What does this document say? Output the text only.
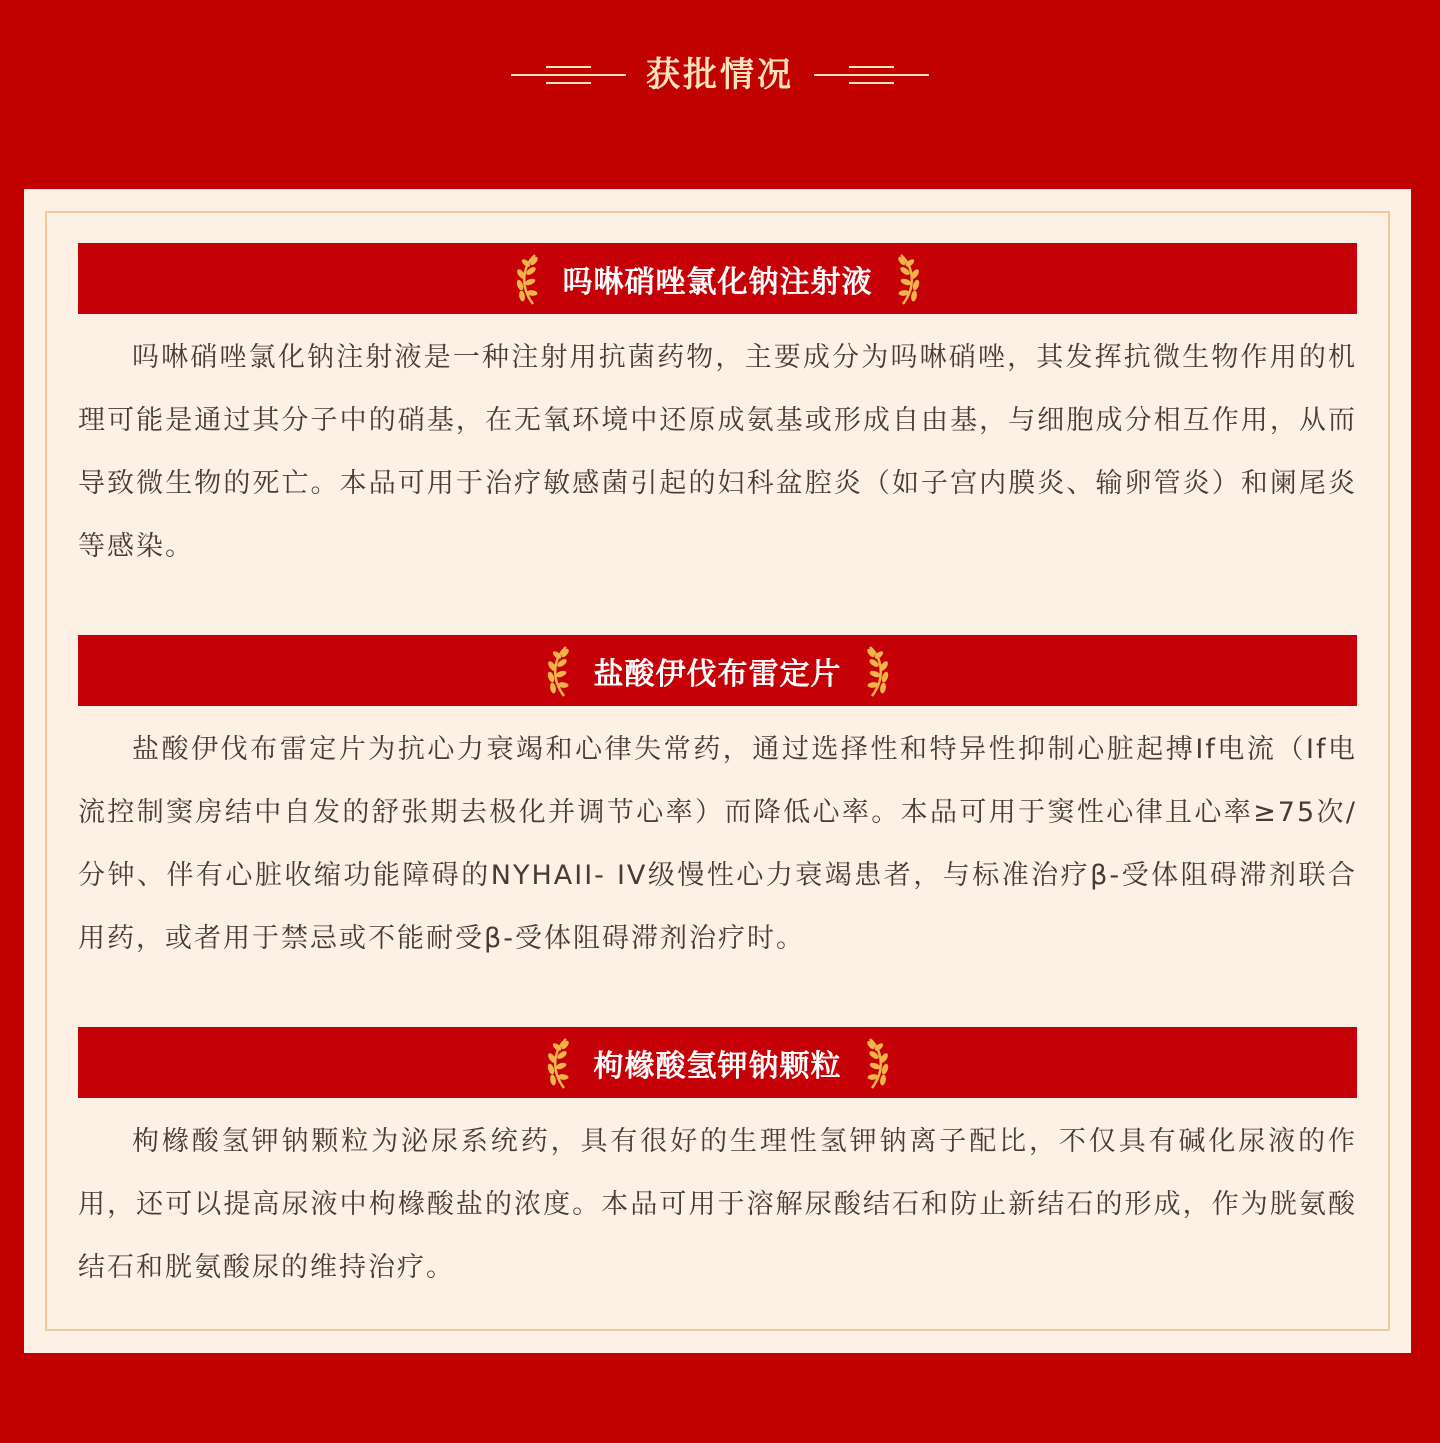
获批情况
吗啉硝唑氯化钠注射液

吗啉硝唑氯化钠注射液是一种注射用抗菌药物，主要成分为吗啉硝唑，其发挥抗微生物作用的机理可能是通过其分子中的硝基，在无氧环境中还原成氨基或形成自由基，与细胞成分相互作用，从而导致微生物的死亡。本品可用于治疗敏感菌引起的妇科盆腔炎（如子宫内膜炎、输卵管炎）和阑尾炎等感染。

盐酸伊伐布雷定片

盐酸伊伐布雷定片为抗心力衰竭和心律失常药，通过选择性和特异性抑制心脏起搏If电流（If电流控制窦房结中自发的舒张期去极化并调节心率）而降低心率。本品可用于窦性心律且心率≥75次/分钟、伴有心脏收缩功能障碍的NYHAII- IV级慢性心力衰竭患者，与标准治疗β-受体阻碍滞剂联合用药，或者用于禁忌或不能耐受β-受体阻碍滞剂治疗时。

枸橼酸氢钾钠颗粒

枸橼酸氢钾钠颗粒为泌尿系统药，具有很好的生理性氢钾钠离子配比，不仅具有碱化尿液的作用，还可以提高尿液中枸橼酸盐的浓度。本品可用于溶解尿酸结石和防止新结石的形成，作为胱氨酸结石和胱氨酸尿的维持治疗。
